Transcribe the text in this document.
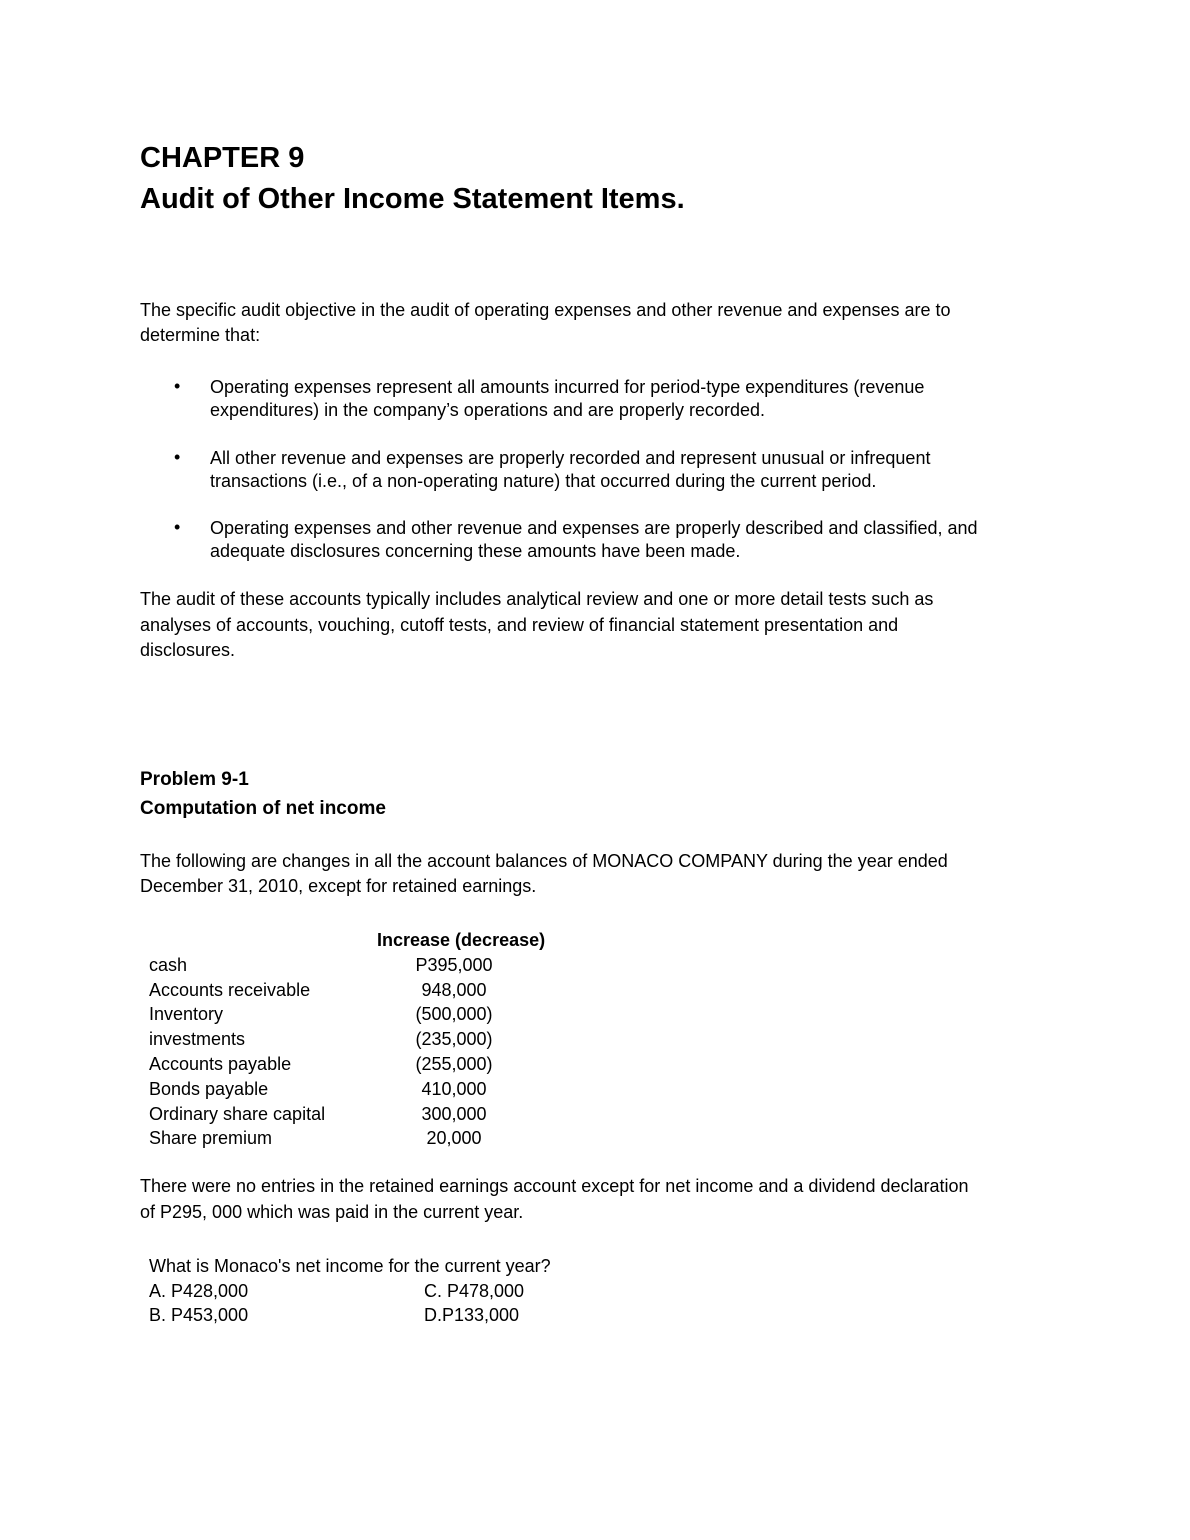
CHAPTER 9
Audit of Other Income Statement Items.
The specific audit objective in the audit of operating expenses and other revenue and expenses are to
determine that:
• Operating expenses represent all amounts incurred for period-type expenditures (revenue
expenditures) in the company’s operations and are properly recorded.
• All other revenue and expenses are properly recorded and represent unusual or infrequent
transactions (i.e., of a non-operating nature) that occurred during the current period.
• Operating expenses and other revenue and expenses are properly described and classified, and
adequate disclosures concerning these amounts have been made.
The audit of these accounts typically includes analytical review and one or more detail tests such as
analyses of accounts, vouching, cutoff tests, and review of financial statement presentation and
disclosures.
Problem 9-1
Computation of net income
The following are changes in all the account balances of MONACO COMPANY during the year ended
December 31, 2010, except for retained earnings.
Increase (decrease)
cash	P395,000
Accounts receivable	948,000
Inventory	(500,000)
investments	(235,000)
Accounts payable	(255,000)
Bonds payable	410,000
Ordinary share capital	300,000
Share premium	20,000
There were no entries in the retained earnings account except for net income and a dividend declaration
of P295, 000 which was paid in the current year.
What is Monaco's net income for the current year?
A. P428,000	C. P478,000
B. P453,000	D.P133,000
